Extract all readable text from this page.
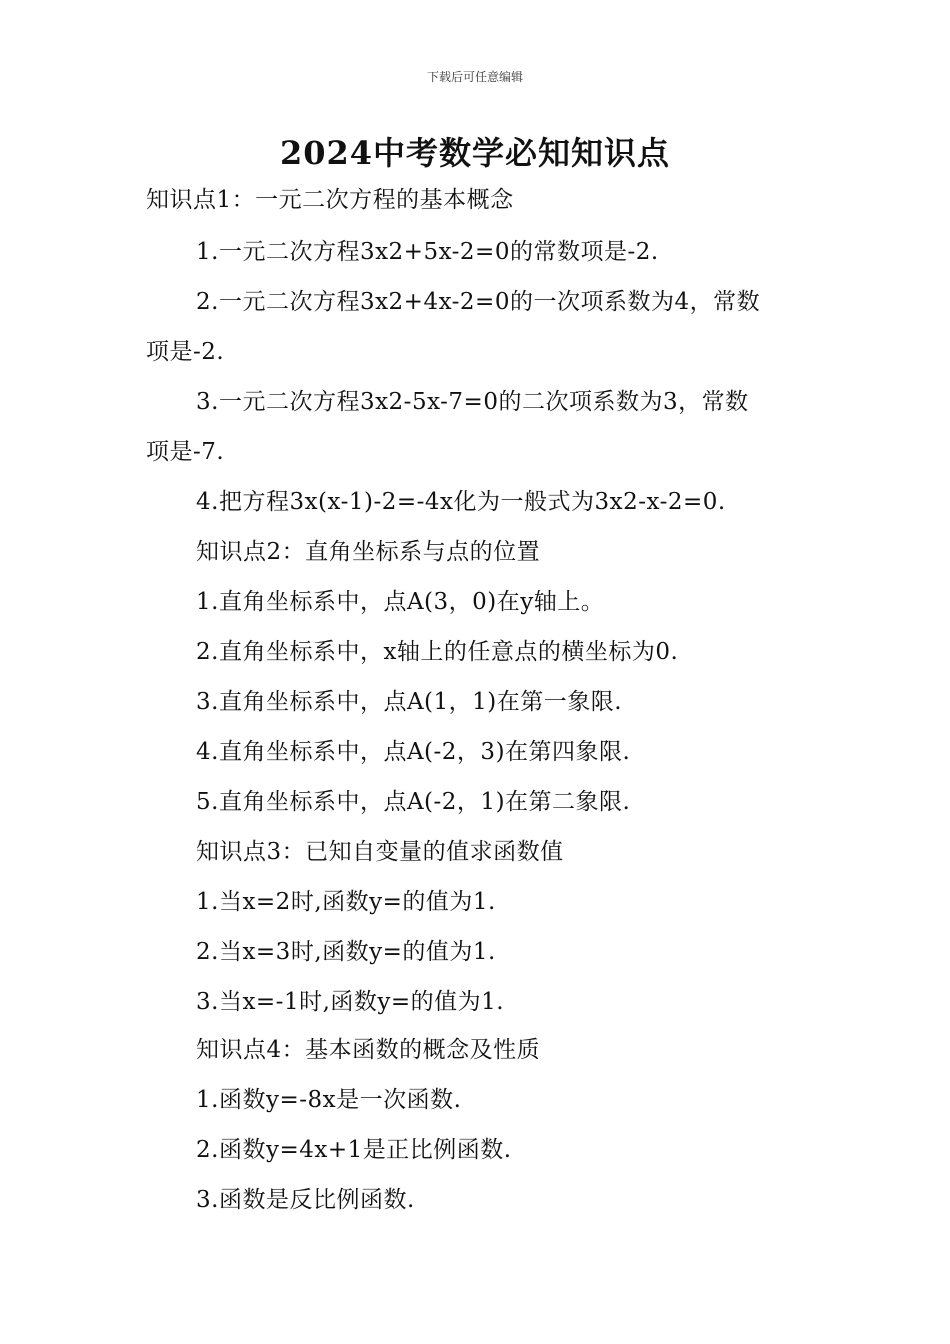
下载后可任意编辑
2024中考数学必知知识点
知识点1：一元二次方程的基本概念
1.一元二次方程3x2+5x-2=0的常数项是-2.
2.一元二次方程3x2+4x-2=0的一次项系数为4，常数
项是-2.
3.一元二次方程3x2-5x-7=0的二次项系数为3，常数
项是-7.
4.把方程3x(x-1)-2=-4x化为一般式为3x2-x-2=0.
知识点2：直角坐标系与点的位置
1.直角坐标系中，点A(3，0)在y轴上。
2.直角坐标系中，x轴上的任意点的横坐标为0.
3.直角坐标系中，点A(1，1)在第一象限.
4.直角坐标系中，点A(-2，3)在第四象限.
5.直角坐标系中，点A(-2，1)在第二象限.
知识点3：已知自变量的值求函数值
1.当x=2时,函数y=的值为1.
2.当x=3时,函数y=的值为1.
3.当x=-1时,函数y=的值为1.
知识点4：基本函数的概念及性质
1.函数y=-8x是一次函数.
2.函数y=4x+1是正比例函数.
3.函数是反比例函数.
